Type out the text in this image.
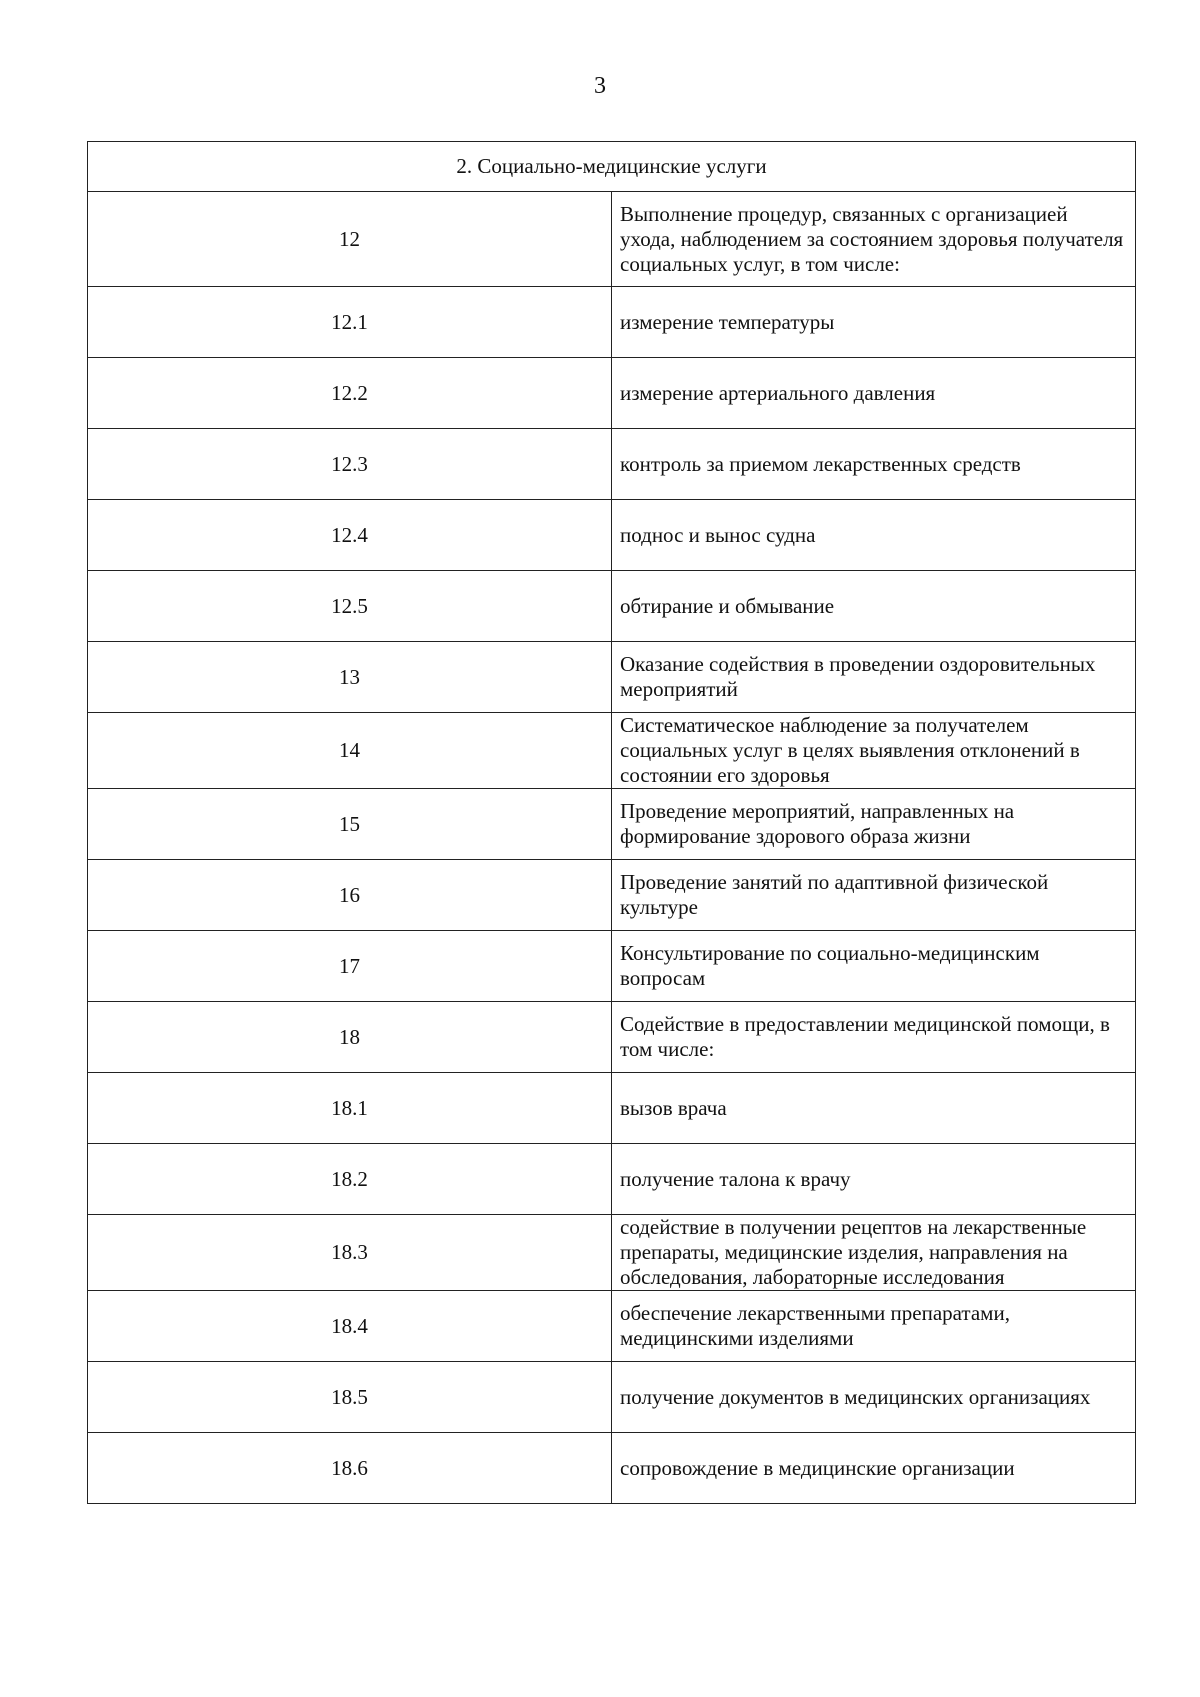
3
2. Социально-медицинские услуги	
12	Выполнение процедур, связанных с организацией ухода, наблюдением за состоянием здоровья получателя социальных услуг, в том числе:
12.1	измерение температуры
12.2	измерение артериального давления
12.3	контроль за приемом лекарственных средств
12.4	поднос и вынос судна
12.5	обтирание и обмывание
13	Оказание содействия в проведении оздоровительных мероприятий
14	Систематическое наблюдение за получателем социальных услуг в целях выявления отклонений в состоянии его здоровья
15	Проведение мероприятий, направленных на формирование здорового образа жизни
16	Проведение занятий по адаптивной физической культуре
17	Консультирование по социально-медицинским вопросам
18	Содействие в предоставлении медицинской помощи, в том числе:
18.1	вызов врача
18.2	получение талона к врачу
18.3	содействие в получении рецептов на лекарственные препараты, медицинские изделия, направления на обследования, лабораторные исследования
18.4	обеспечение лекарственными препаратами, медицинскими изделиями
18.5	получение документов в медицинских организациях
18.6	сопровождение в медицинские организации
